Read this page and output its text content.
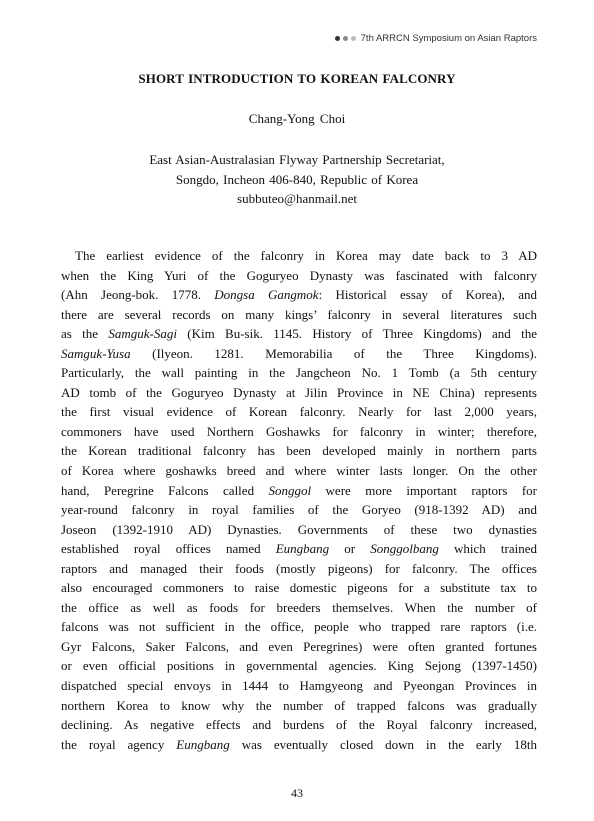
7th ARRCN Symposium on Asian Raptors
SHORT INTRODUCTION TO KOREAN FALCONRY
Chang-Yong Choi
East Asian-Australasian Flyway Partnership Secretariat,
Songdo, Incheon 406-840, Republic of Korea
subbuteo@hanmail.net
The earliest evidence of the falconry in Korea may date back to 3 AD
when the King Yuri of the Goguryeo Dynasty was fascinated with falconry
(Ahn Jeong-bok. 1778. Dongsa Gangmok: Historical essay of Korea), and
there are several records on many kings’ falconry in several literatures such
as the Samguk-Sagi (Kim Bu-sik. 1145. History of Three Kingdoms) and the
Samguk-Yusa (Ilyeon. 1281. Memorabilia of the Three Kingdoms).
Particularly, the wall painting in the Jangcheon No. 1 Tomb (a 5th century
AD tomb of the Goguryeo Dynasty at Jilin Province in NE China) represents
the first visual evidence of Korean falconry. Nearly for last 2,000 years,
commoners have used Northern Goshawks for falconry in winter; therefore,
the Korean traditional falconry has been developed mainly in northern parts
of Korea where goshawks breed and where winter lasts longer. On the other
hand, Peregrine Falcons called Songgol were more important raptors for
year-round falconry in royal families of the Goryeo (918-1392 AD) and
Joseon (1392-1910 AD) Dynasties. Governments of these two dynasties
established royal offices named Eungbang or Songgolbang which trained
raptors and managed their foods (mostly pigeons) for falconry. The offices
also encouraged commoners to raise domestic pigeons for a substitute tax to
the office as well as foods for breeders themselves. When the number of
falcons was not sufficient in the office, people who trapped rare raptors (i.e.
Gyr Falcons, Saker Falcons, and even Peregrines) were often granted fortunes
or even official positions in governmental agencies. King Sejong (1397-1450)
dispatched special envoys in 1444 to Hamgyeong and Pyeongan Provinces in
northern Korea to know why the number of trapped falcons was gradually
declining. As negative effects and burdens of the Royal falconry increased,
the royal agency Eungbang was eventually closed down in the early 18th
43
